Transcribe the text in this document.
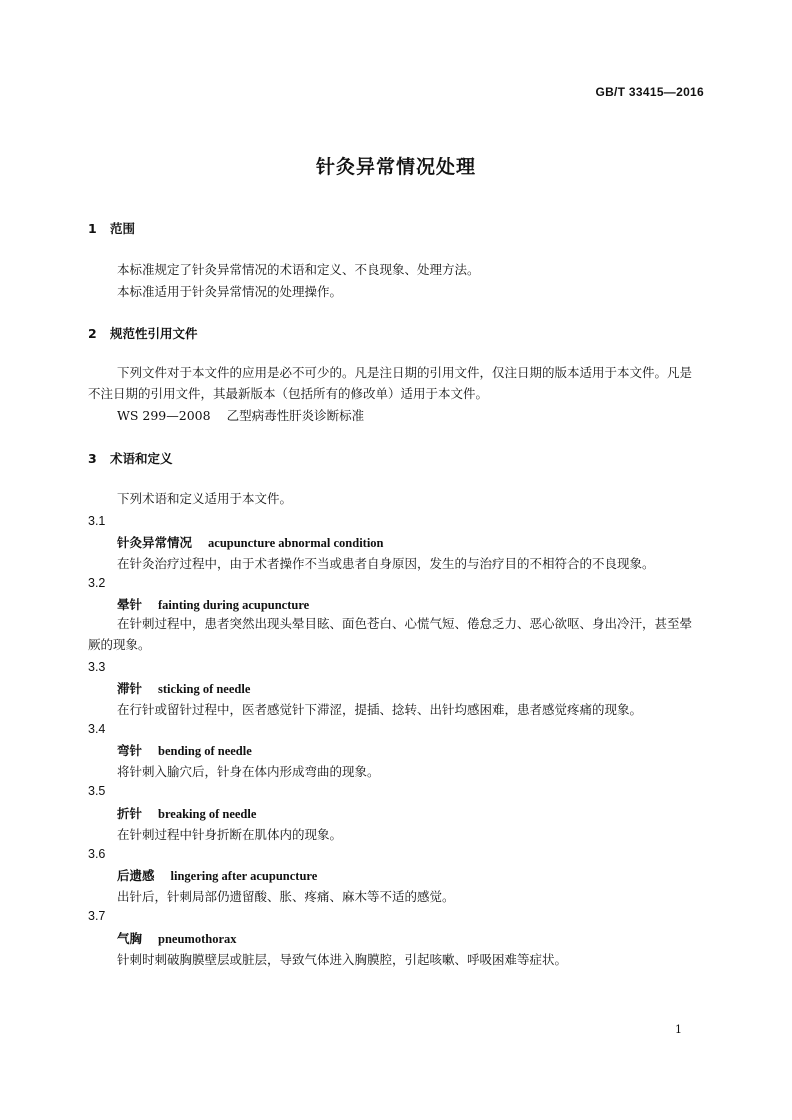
GB/T 33415—2016
针灸异常情况处理
1 范围
本标准规定了针灸异常情况的术语和定义、不良现象、处理方法。
本标准适用于针灸异常情况的处理操作。
2 规范性引用文件
下列文件对于本文件的应用是必不可少的。凡是注日期的引用文件，仅注日期的版本适用于本文件。凡是不注日期的引用文件，其最新版本（包括所有的修改单）适用于本文件。
WS 299—2008 乙型病毒性肝炎诊断标准
3 术语和定义
下列术语和定义适用于本文件。
3.1
针灸异常情况 acupuncture abnormal condition
在针灸治疗过程中，由于术者操作不当或患者自身原因，发生的与治疗目的不相符合的不良现象。
3.2
晕针 fainting during acupuncture
在针刺过程中，患者突然出现头晕目眩、面色苍白、心慌气短、倦怠乏力、恶心欲呕、身出冷汗，甚至晕厥的现象。
3.3
滞针 sticking of needle
在行针或留针过程中，医者感觉针下滞涩，提插、捻转、出针均感困难，患者感觉疼痛的现象。
3.4
弯针 bending of needle
将针刺入腧穴后，针身在体内形成弯曲的现象。
3.5
折针 breaking of needle
在针刺过程中针身折断在肌体内的现象。
3.6
后遗感 lingering after acupuncture
出针后，针刺局部仍遗留酸、胀、疼痛、麻木等不适的感觉。
3.7
气胸 pneumothorax
针刺时刺破胸膜壁层或脏层，导致气体进入胸膜腔，引起咳嗽、呼吸困难等症状。
1
